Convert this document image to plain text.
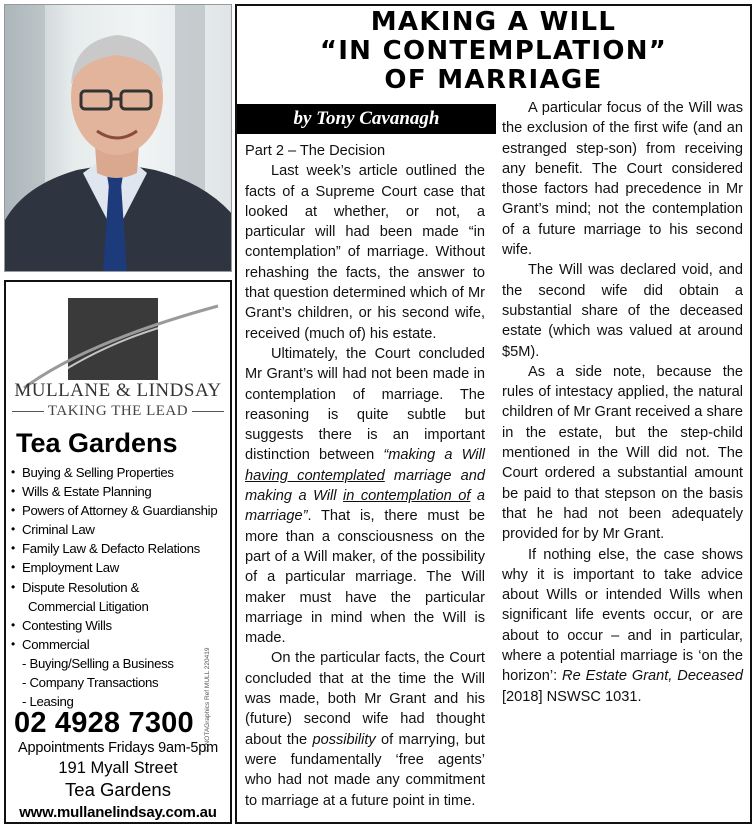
MULLANE & LINDSAY
TAKING THE LEAD
Tea Gardens
• Buying & Selling Properties
• Wills & Estate Planning
• Powers of Attorney & Guardianship
• Criminal Law
• Family Law & Defacto Relations
• Employment Law
• Dispute Resolution &
Commercial Litigation
• Contesting Wills
• Commercial
- Buying/Selling a Business
- Company Transactions
- Leasing	© NOTAGraphics Ref MULL 220419
02 4928 7300
Appointments Fridays 9am-5pm
191 Myall Street
Tea Gardens
www.mullanelindsay.com.au
MAKING A WILL
“IN CONTEMPLATION”
OF MARRIAGE
by Tony Cavanagh

Part 2 – The Decision

Last week’s article outlined the facts of a Supreme Court case that looked at whether, or not, a particular will had been made “in contemplation” of marriage. Without rehashing the facts, the answer to that question determined which of Mr Grant’s children, or his second wife, received (much of) his estate.

Ultimately, the Court concluded Mr Grant’s will had not been made in contemplation of marriage. The reasoning is quite subtle but suggests there is an important distinction between “making a Will having contemplated marriage and making a Will in contemplation of a marriage”. That is, there must be more than a consciousness on the part of a Will maker, of the possibility of a particular marriage. The Will maker must have the particular marriage in mind when the Will is made.

On the particular facts, the Court concluded that at the time the Will was made, both Mr Grant and his (future) second wife had thought about the possibility of marrying, but were fundamentally ‘free agents’ who had not made any commitment to marriage at a future point in time.

A particular focus of the Will was the exclusion of the first wife (and an estranged step-son) from receiving any benefit. The Court considered those factors had precedence in Mr Grant’s mind; not the contemplation of a future marriage to his second wife.

The Will was declared void, and the second wife did obtain a substantial share of the deceased estate (which was valued at around $5M).

As a side note, because the rules of intestacy applied, the natural children of Mr Grant received a share in the estate, but the step-child mentioned in the Will did not. The Court ordered a substantial amount be paid to that stepson on the basis that he had not been adequately provided for by Mr Grant.

If nothing else, the case shows why it is important to take advice about Wills or intended Wills when significant life events occur, or are about to occur – and in particular, where a potential marriage is ‘on the horizon’: Re Estate Grant, Deceased [2018] NSWSC 1031.
